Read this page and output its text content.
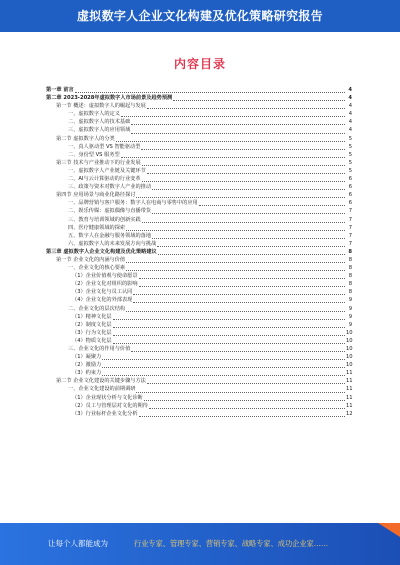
虚拟数字人企业文化构建及优化策略研究报告
内容目录
第一章 前言	4
第二章 2023-2028年虚拟数字人市场前景及趋势预测	4
第一节 概述：虚拟数字人的崛起与发展	4
一、虚拟数字人的定义	4
二、虚拟数字人的技术基础	4
三、虚拟数字人的应用领域	4
第二节 虚拟数字人的分类	5
一、真人驱动型 VS 智能驱动型	5
二、身份型 VS 服务型	5
第三节 技术与产业推动下的行业发展	5
一、虚拟数字人产业链及关键环节	5
二、AI与云计算驱动的行业变革	6
三、政策与资本对数字人产业的推动	6
第四节 应用场景与商业化路径探讨	6
一、品牌营销与客户服务：数字人在电商与零售中的应用	6
二、娱乐传媒：虚拟偶像与直播带货	7
三、教育与培训领域的创新实践	7
四、医疗健康领域的探索	7
五、数字人在金融与服务领域的落地	7
六、虚拟数字人的未来发展方向与挑战	7
第三章 虚拟数字人企业文化构建及优化策略建议	8
第一节 企业文化的内涵与价值	8
一、企业文化的核心要素	8
（1）企业价值观与使命愿景	8
（2）企业文化对组织的影响	8
（3）企业文化与员工认同	8
（4）企业文化的外部表现	9
二、企业文化的层次结构	9
（1）精神文化层	9
（2）制度文化层	9
（3）行为文化层	10
（4）物质文化层	10
三、企业文化的作用与价值	10
（1）凝聚力	10
（2）激励力	10
（3）约束力	11
第二节 企业文化建设的关键步骤与方法	11
一、企业文化建设的前期调研	11
（1）企业现状分析与文化诊断	11
（2）员工与管理层对文化的期待	11
（3）行业标杆企业文化分析	12
让每个人都能成为	行业专家、管理专家、营销专家、战略专家、成功企业家……
